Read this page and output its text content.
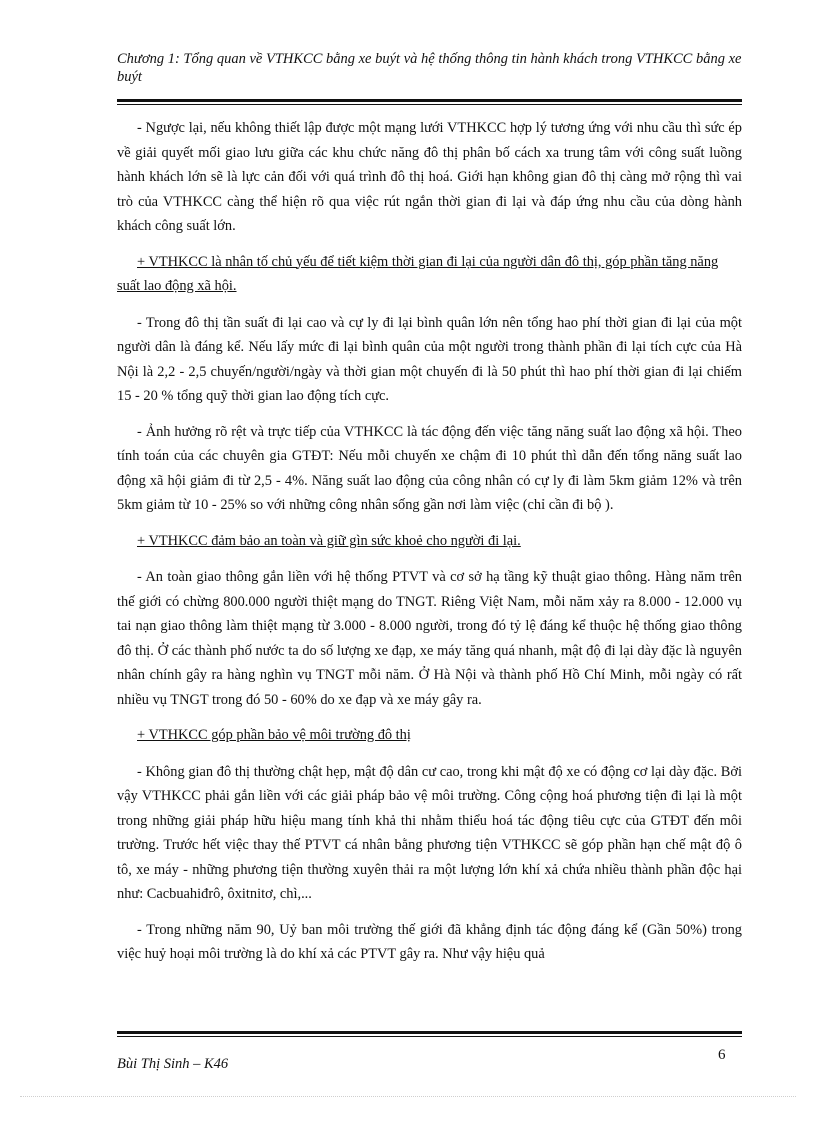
Chương 1: Tổng quan về VTHKCC bằng xe buýt và hệ thống thông tin hành khách trong VTHKCC bằng xe buýt

- Ngược lại, nếu không thiết lập được một mạng lưới VTHKCC hợp lý tương ứng với nhu cầu thì sức ép về giải quyết mối giao lưu giữa các khu chức năng đô thị phân bố cách xa trung tâm với công suất luồng hành khách lớn sẽ là lực cản đối với quá trình đô thị hoá. Giới hạn không gian đô thị càng mở rộng thì vai trò của VTHKCC càng thể hiện rõ qua việc rút ngắn thời gian đi lại và đáp ứng nhu cầu của dòng hành khách công suất lớn.

+ VTHKCC là nhân tố chủ yếu để tiết kiệm thời gian đi lại của người dân đô thị, góp phần tăng năng suất lao động xã hội.

- Trong đô thị tần suất đi lại cao và cự ly đi lại bình quân lớn nên tổng hao phí thời gian đi lại của một người dân là đáng kể. Nếu lấy mức đi lại bình quân của một người trong thành phần đi lại tích cực của Hà Nội là 2,2 - 2,5 chuyến/người/ngày và thời gian một chuyến đi là 50 phút thì hao phí thời gian đi lại chiếm 15 - 20 % tổng quỹ thời gian lao động tích cực.

- Ảnh hưởng rõ rệt và trực tiếp của VTHKCC là tác động đến việc tăng năng suất lao động xã hội. Theo tính toán của các chuyên gia GTĐT: Nếu mỗi chuyến xe chậm đi 10 phút thì dẫn đến tổng năng suất lao động xã hội giảm đi từ 2,5 - 4%. Năng suất lao động của công nhân có cự ly đi làm 5km giảm 12% và trên 5km giảm từ 10 - 25% so với những công nhân sống gần nơi làm việc (chỉ cần đi bộ ).

+ VTHKCC đảm bảo an toàn và giữ gìn sức khoẻ cho người đi lại.

- An toàn giao thông gắn liền với hệ thống PTVT và cơ sở hạ tầng kỹ thuật giao thông. Hàng năm trên thế giới có chừng 800.000 người thiệt mạng do TNGT. Riêng Việt Nam, mỗi năm xảy ra 8.000 - 12.000 vụ tai nạn giao thông làm thiệt mạng từ 3.000 - 8.000 người, trong đó tỷ lệ đáng kể thuộc hệ thống giao thông đô thị. Ở các thành phố nước ta do số lượng xe đạp, xe máy tăng quá nhanh, mật độ đi lại dày đặc là nguyên nhân chính gây ra hàng nghìn vụ TNGT mỗi năm. Ở Hà Nội và thành phố Hồ Chí Minh, mỗi ngày có rất nhiều vụ TNGT trong đó 50 - 60% do xe đạp và xe máy gây ra.

+ VTHKCC góp phần bảo vệ môi trường đô thị

- Không gian đô thị thường chật hẹp, mật độ dân cư cao, trong khi mật độ xe có động cơ lại dày đặc. Bởi vậy VTHKCC phải gắn liền với các giải pháp bảo vệ môi trường. Công cộng hoá phương tiện đi lại là một trong những giải pháp hữu hiệu mang tính khả thi nhằm thiểu hoá tác động tiêu cực của GTĐT đến môi trường. Trước hết việc thay thế PTVT cá nhân bằng phương tiện VTHKCC sẽ góp phần hạn chế mật độ ô tô, xe máy - những phương tiện thường xuyên thải ra một lượng lớn khí xả chứa nhiều thành phần độc hại như: Cacbuahiđrô, ôxitnitơ, chì,...

- Trong những năm 90, Uỷ ban môi trường thế giới đã khẳng định tác động đáng kể (Gần 50%) trong việc huỷ hoại môi trường là do khí xả các PTVT gây ra. Như vậy hiệu quả

Bùi Thị Sinh – K46
6
